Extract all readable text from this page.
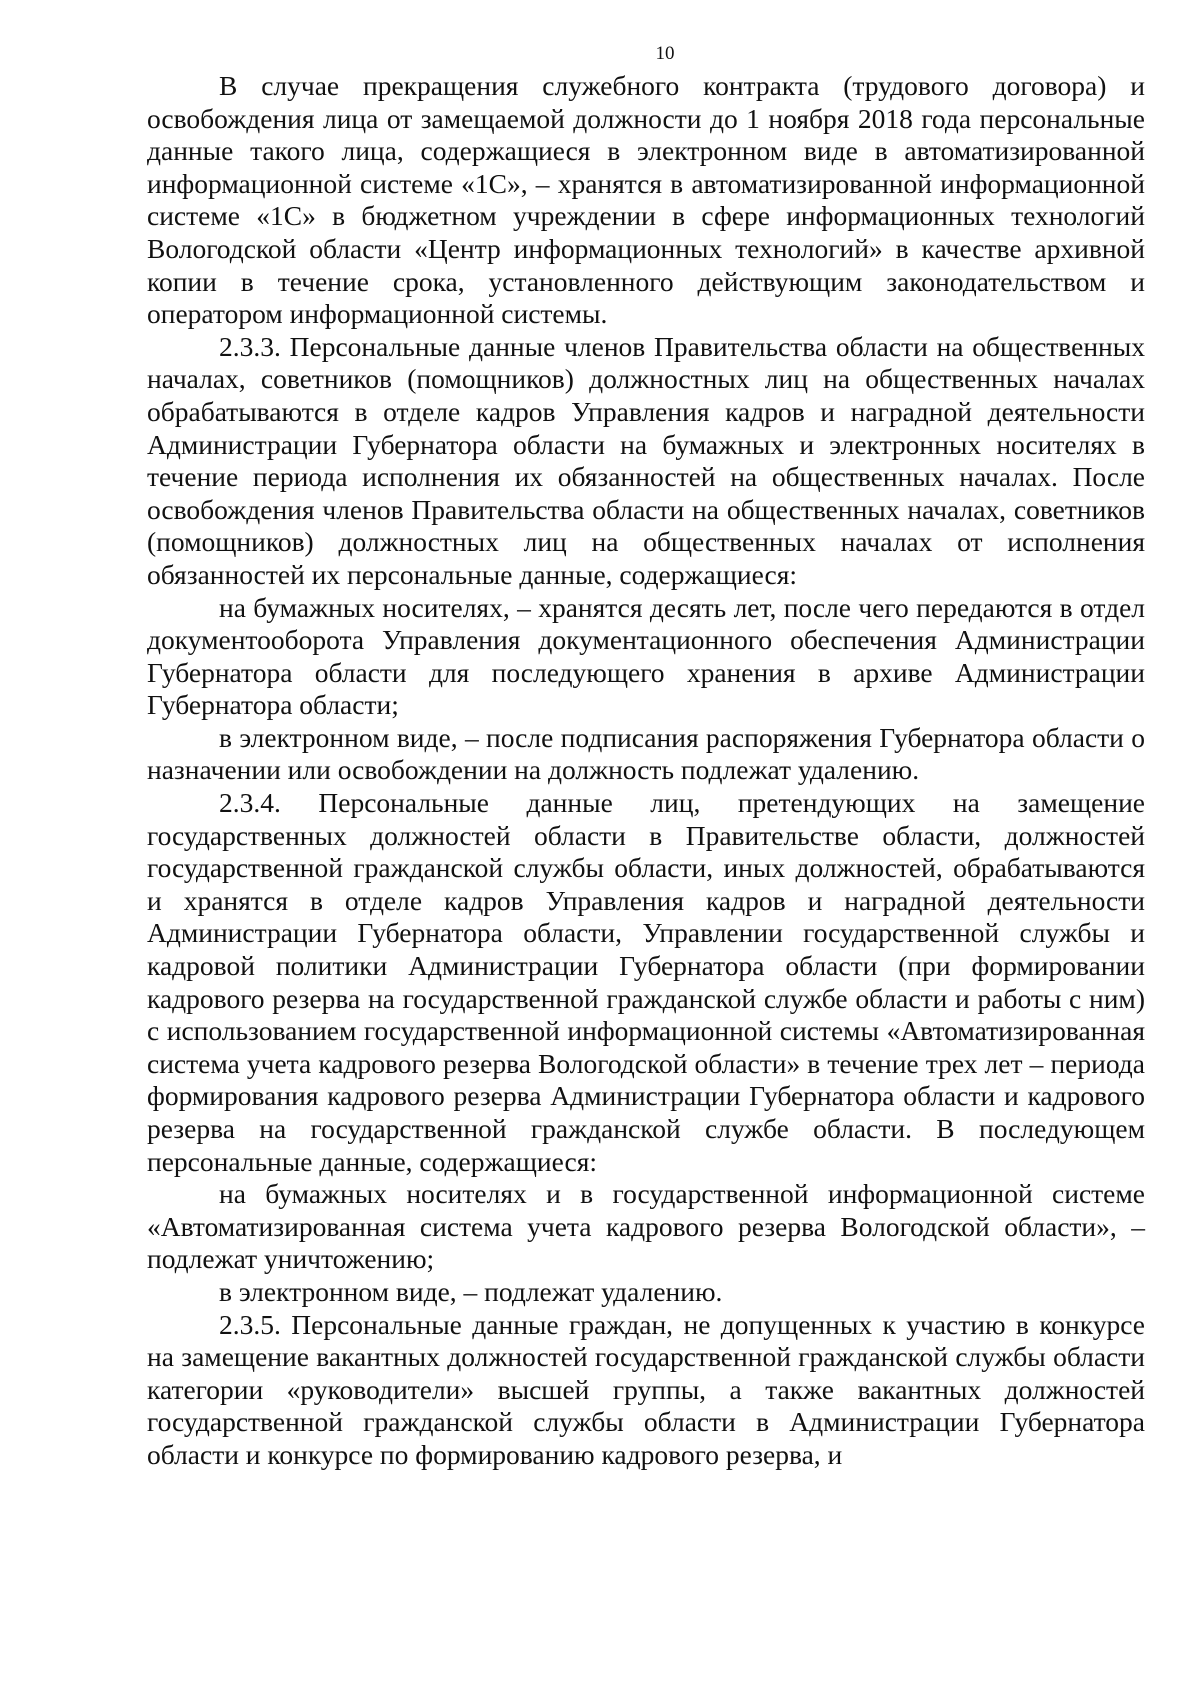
10

В случае прекращения служебного контракта (трудового договора) и освобождения лица от замещаемой должности до 1 ноября 2018 года персональные данные такого лица, содержащиеся в электронном виде в автоматизированной информационной системе «1С», – хранятся в автоматизированной информационной системе «1С» в бюджетном учреждении в сфере информационных технологий Вологодской области «Центр информационных технологий» в качестве архивной копии в течение срока, установленного действующим законодательством и оператором информационной системы.

2.3.3. Персональные данные членов Правительства области на общественных началах, советников (помощников) должностных лиц на общественных началах обрабатываются в отделе кадров Управления кадров и наградной деятельности Администрации Губернатора области на бумажных и электронных носителях в течение периода исполнения их обязанностей на общественных началах. После освобождения членов Правительства области на общественных началах, советников (помощников) должностных лиц на общественных началах от исполнения обязанностей их персональные данные, содержащиеся:

на бумажных носителях, – хранятся десять лет, после чего передаются в отдел документооборота Управления документационного обеспечения Администрации Губернатора области для последующего хранения в архиве Администрации Губернатора области;

в электронном виде, – после подписания распоряжения Губернатора области о назначении или освобождении на должность подлежат удалению.

2.3.4. Персональные данные лиц, претендующих на замещение государственных должностей области в Правительстве области, должностей государственной гражданской службы области, иных должностей, обрабатываются и хранятся в отделе кадров Управления кадров и наградной деятельности Администрации Губернатора области, Управлении государственной службы и кадровой политики Администрации Губернатора области (при формировании кадрового резерва на государственной гражданской службе области и работы с ним) с использованием государственной информационной системы «Автоматизированная система учета кадрового резерва Вологодской области» в течение трех лет – периода формирования кадрового резерва Администрации Губернатора области и кадрового резерва на государственной гражданской службе области. В последующем персональные данные, содержащиеся:

на бумажных носителях и в государственной информационной системе «Автоматизированная система учета кадрового резерва Вологодской области», – подлежат уничтожению;

в электронном виде, – подлежат удалению.

2.3.5. Персональные данные граждан, не допущенных к участию в конкурсе на замещение вакантных должностей государственной гражданской службы области категории «руководители» высшей группы, а также вакантных должностей государственной гражданской службы области в Администрации Губернатора области и конкурсе по формированию кадрового резерва, и
